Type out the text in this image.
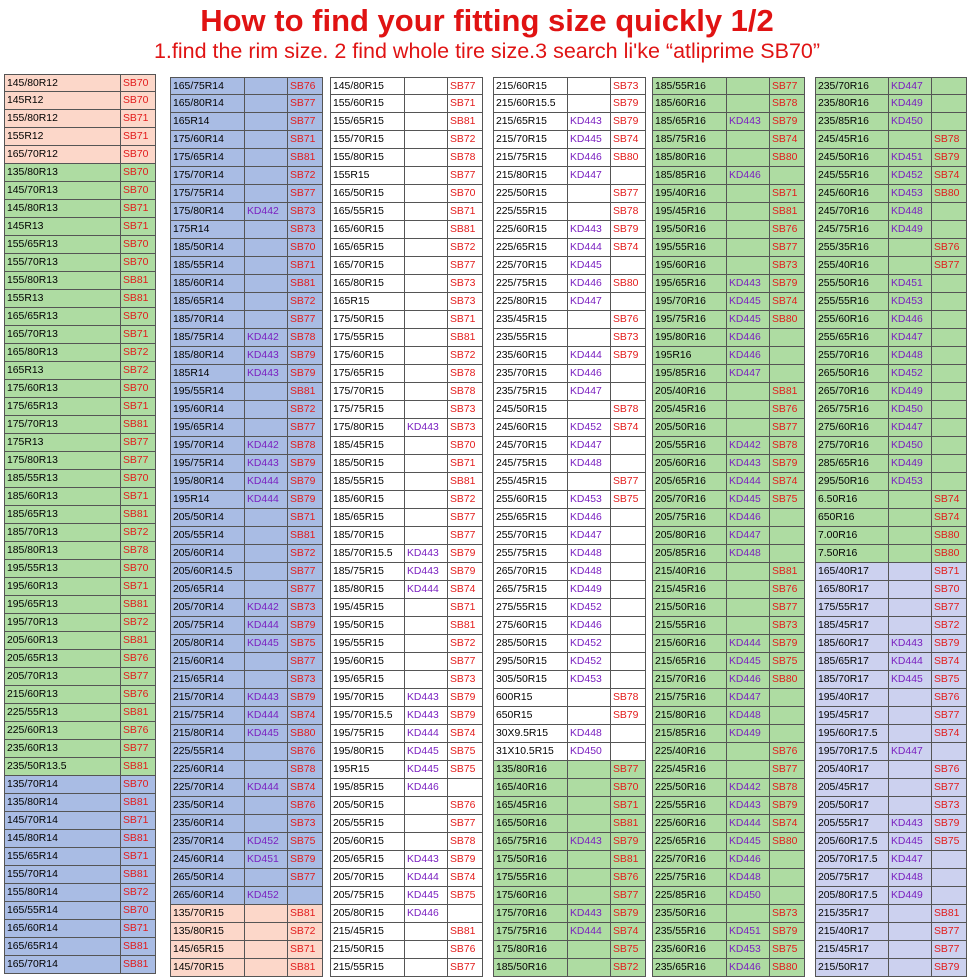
How to find your fitting size quickly 1/2
1.find the rim size. 2 find whole tire size.3 search li'ke “atliprime SB70”
145/80R12	SB70
145R12	SB70
155/80R12	SB71
155R12	SB71
165/70R12	SB70
135/80R13	SB70
145/70R13	SB70
145/80R13	SB71
145R13	SB71
155/65R13	SB70
155/70R13	SB70
155/80R13	SB81
155R13	SB81
165/65R13	SB70
165/70R13	SB71
165/80R13	SB72
165R13	SB72
175/60R13	SB70
175/65R13	SB71
175/70R13	SB81
175R13	SB77
175/80R13	SB77
185/55R13	SB70
185/60R13	SB71
185/65R13	SB81
185/70R13	SB72
185/80R13	SB78
195/55R13	SB70
195/60R13	SB71
195/65R13	SB81
195/70R13	SB72
205/60R13	SB81
205/65R13	SB76
205/70R13	SB77
215/60R13	SB76
225/55R13	SB81
225/60R13	SB76
235/60R13	SB77
235/50R13.5	SB81
135/70R14	SB70
135/80R14	SB81
145/70R14	SB71
145/80R14	SB81
155/65R14	SB71
155/70R14	SB81
155/80R14	SB72
165/55R14	SB70
165/60R14	SB71
165/65R14	SB81
165/70R14	SB81
165/75R14	SB76
165/80R14	SB77
165R14	SB77
175/60R14	SB71
175/65R14	SB81
175/70R14	SB72
175/75R14	SB77
175/80R14	KD442	SB73
175R14	SB73
185/50R14	SB70
185/55R14	SB71
185/60R14	SB81
185/65R14	SB72
185/70R14	SB77
185/75R14	KD442	SB78
185/80R14	KD443	SB79
185R14	KD443	SB79
195/55R14	SB81
195/60R14	SB72
195/65R14	SB77
195/70R14	KD442	SB78
195/75R14	KD443	SB79
195/80R14	KD444	SB79
195R14	KD444	SB79
205/50R14	SB71
205/55R14	SB81
205/60R14	SB72
205/60R14.5	SB77
205/65R14	SB77
205/70R14	KD442	SB73
205/75R14	KD444	SB79
205/80R14	KD445	SB75
215/60R14	SB77
215/65R14	SB73
215/70R14	KD443	SB79
215/75R14	KD444	SB74
215/80R14	KD445	SB80
225/55R14	SB76
225/60R14	SB78
225/70R14	KD444	SB74
235/50R14	SB76
235/60R14	SB73
235/70R14	KD452	SB75
245/60R14	KD451	SB79
265/50R14	SB77
265/60R14	KD452
135/70R15	SB81
135/80R15	SB72
145/65R15	SB71
145/70R15	SB81
145/80R15	SB77
155/60R15	SB71
155/65R15	SB81
155/70R15	SB72
155/80R15	SB78
155R15	SB77
165/50R15	SB70
165/55R15	SB71
165/60R15	SB81
165/65R15	SB72
165/70R15	SB77
165/80R15	SB73
165R15	SB73
175/50R15	SB71
175/55R15	SB81
175/60R15	SB72
175/65R15	SB78
175/70R15	SB78
175/75R15	SB73
175/80R15	KD443	SB73
185/45R15	SB70
185/50R15	SB71
185/55R15	SB81
185/60R15	SB72
185/65R15	SB77
185/70R15	SB77
185/70R15.5	KD443	SB79
185/75R15	KD443	SB79
185/80R15	KD444	SB74
195/45R15	SB71
195/50R15	SB81
195/55R15	SB72
195/60R15	SB77
195/65R15	SB73
195/70R15	KD443	SB79
195/70R15.5	KD443	SB79
195/75R15	KD444	SB74
195/80R15	KD445	SB75
195R15	KD445	SB75
195/85R15	KD446
205/50R15	SB76
205/55R15	SB77
205/60R15	SB78
205/65R15	KD443	SB79
205/70R15	KD444	SB74
205/75R15	KD445	SB75
205/80R15	KD446
215/45R15	SB81
215/50R15	SB76
215/55R15	SB77
215/60R15	SB73
215/60R15.5	SB79
215/65R15	KD443	SB79
215/70R15	KD445	SB74
215/75R15	KD446	SB80
215/80R15	KD447
225/50R15	SB77
225/55R15	SB78
225/60R15	KD443	SB79
225/65R15	KD444	SB74
225/70R15	KD445
225/75R15	KD446	SB80
225/80R15	KD447
235/45R15	SB76
235/55R15	SB73
235/60R15	KD444	SB79
235/70R15	KD446
235/75R15	KD447
245/50R15	SB78
245/60R15	KD452	SB74
245/70R15	KD447
245/75R15	KD448
255/45R15	SB77
255/60R15	KD453	SB75
255/65R15	KD446
255/70R15	KD447
255/75R15	KD448
265/70R15	KD448
265/75R15	KD449
275/55R15	KD452
275/60R15	KD446
285/50R15	KD452
295/50R15	KD452
305/50R15	KD453
600R15	SB78
650R15	SB79
30X9.5R15	KD448
31X10.5R15	KD450
135/80R16	SB77
165/40R16	SB70
165/45R16	SB71
165/50R16	SB81
165/75R16	KD443	SB79
175/50R16	SB81
175/55R16	SB76
175/60R16	SB77
175/70R16	KD443	SB79
175/75R16	KD444	SB74
175/80R16	SB75
185/50R16	SB72
185/55R16	SB77
185/60R16	SB78
185/65R16	KD443	SB79
185/75R16	SB74
185/80R16	SB80
185/85R16	KD446
195/40R16	SB71
195/45R16	SB81
195/50R16	SB76
195/55R16	SB77
195/60R16	SB73
195/65R16	KD443	SB79
195/70R16	KD445	SB74
195/75R16	KD445	SB80
195/80R16	KD446
195R16	KD446
195/85R16	KD447
205/40R16	SB81
205/45R16	SB76
205/50R16	SB77
205/55R16	KD442	SB78
205/60R16	KD443	SB79
205/65R16	KD444	SB74
205/70R16	KD445	SB75
205/75R16	KD446
205/80R16	KD447
205/85R16	KD448
215/40R16	SB81
215/45R16	SB76
215/50R16	SB77
215/55R16	SB73
215/60R16	KD444	SB79
215/65R16	KD445	SB75
215/70R16	KD446	SB80
215/75R16	KD447
215/80R16	KD448
215/85R16	KD449
225/40R16	SB76
225/45R16	SB77
225/50R16	KD442	SB78
225/55R16	KD443	SB79
225/60R16	KD444	SB74
225/65R16	KD445	SB80
225/70R16	KD446
225/75R16	KD448
225/85R16	KD450
235/50R16	SB73
235/55R16	KD451	SB79
235/60R16	KD453	SB75
235/65R16	KD446	SB80
235/70R16	KD447
235/80R16	KD449
235/85R16	KD450
245/45R16	SB78
245/50R16	KD451	SB79
245/55R16	KD452	SB74
245/60R16	KD453	SB80
245/70R16	KD448
245/75R16	KD449
255/35R16	SB76
255/40R16	SB77
255/50R16	KD451
255/55R16	KD453
255/60R16	KD446
255/65R16	KD447
255/70R16	KD448
265/50R16	KD452
265/70R16	KD449
265/75R16	KD450
275/60R16	KD447
275/70R16	KD450
285/65R16	KD449
295/50R16	KD453
6.50R16	SB74
650R16	SB74
7.00R16	SB80
7.50R16	SB80
165/40R17	SB71
165/80R17	SB70
175/55R17	SB77
185/45R17	SB72
185/60R17	KD443	SB79
185/65R17	KD444	SB74
185/70R17	KD445	SB75
195/40R17	SB76
195/45R17	SB77
195/60R17.5	SB74
195/70R17.5	KD447
205/40R17	SB76
205/45R17	SB77
205/50R17	SB73
205/55R17	KD443	SB79
205/60R17.5	KD445	SB75
205/70R17.5	KD447
205/75R17	KD448
205/80R17.5	KD449
215/35R17	SB81
215/40R17	SB77
215/45R17	SB77
215/50R17	SB79
